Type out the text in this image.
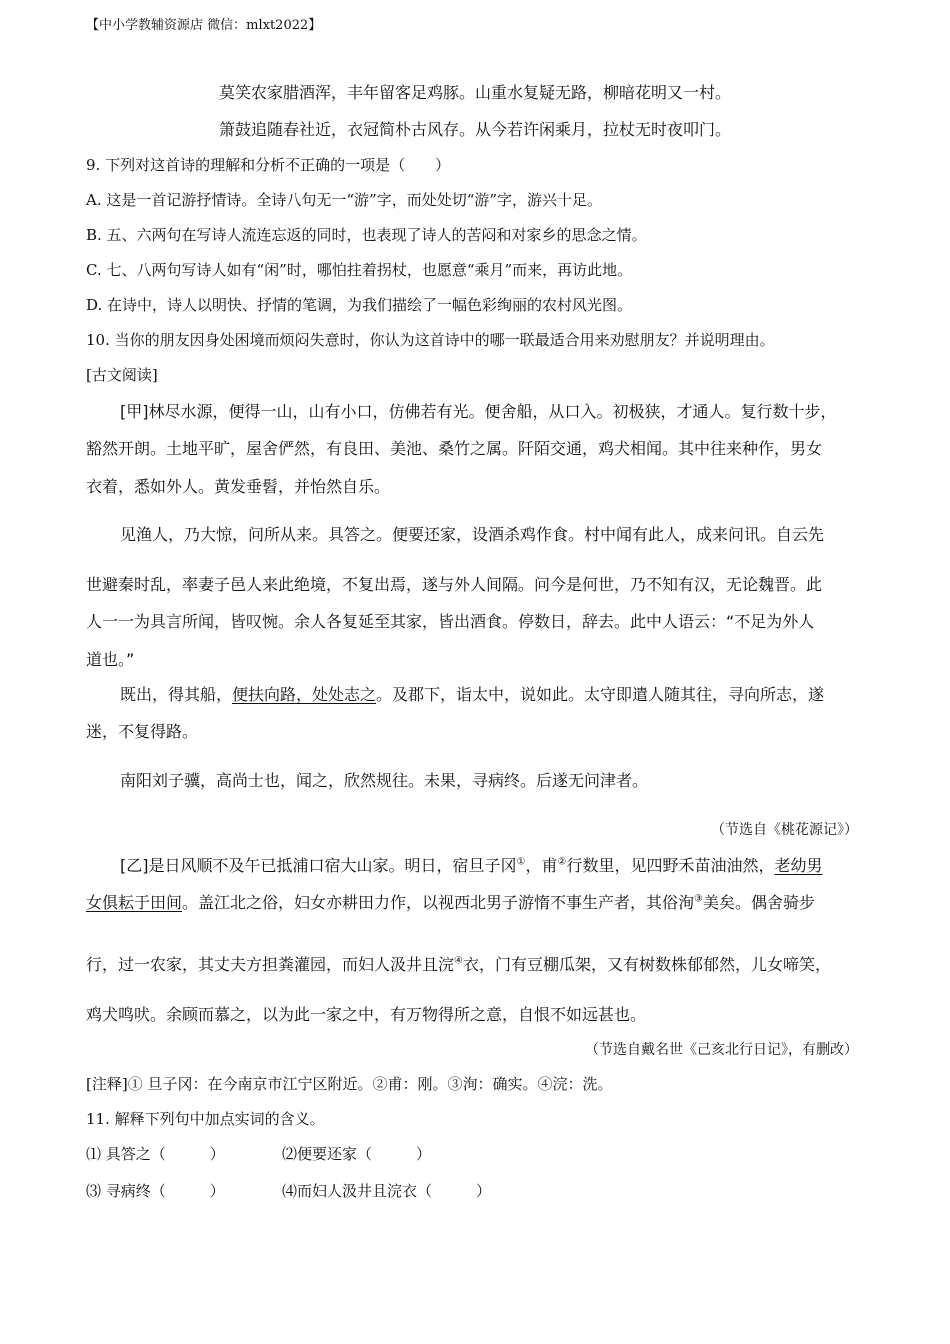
【中小学教辅资源店 微信：mlxt2022】
莫笑农家腊酒浑，丰年留客足鸡豚。山重水复疑无路，柳暗花明又一村。
箫鼓追随春社近，衣冠简朴古风存。从今若许闲乘月，拉杖无时夜叩门。
9. 下列对这首诗的理解和分析不正确的一项是（　　）
A. 这是一首记游抒情诗。全诗八句无一“游”字，而处处切“游”字，游兴十足。
B. 五、六两句在写诗人流连忘返的同时，也表现了诗人的苦闷和对家乡的思念之情。
C. 七、八两句写诗人如有“闲”时，哪怕拄着拐杖，也愿意“乘月”而来，再访此地。
D. 在诗中，诗人以明快、抒情的笔调，为我们描绘了一幅色彩绚丽的农村风光图。
10. 当你的朋友因身处困境而烦闷失意时，你认为这首诗中的哪一联最适合用来劝慰朋友？并说明理由。
[古文阅读]
[甲]林尽水源，便得一山，山有小口，仿佛若有光。便舍船，从口入。初极狭，才通人。复行数十步，
豁然开朗。土地平旷，屋舍俨然，有良田、美池、桑竹之属。阡陌交通，鸡犬相闻。其中往来种作，男女
衣着，悉如外人。黄发垂髫，并怡然自乐。
见渔人，乃大惊，问所从来。具答之。便要还家，设酒杀鸡作食。村中闻有此人，成来问讯。自云先
世避秦时乱，率妻子邑人来此绝境，不复出焉，遂与外人间隔。问今是何世，乃不知有汉，无论魏晋。此
人一一为具言所闻，皆叹惋。余人各复延至其家，皆出酒食。停数日，辞去。此中人语云：“不足为外人
道也。”
既出，得其船，便扶向路，处处志之。及郡下，诣太中，说如此。太守即遣人随其往，寻向所志，遂
迷，不复得路。
南阳刘子骥，高尚士也，闻之，欣然规往。未果，寻病终。后遂无问津者。
（节选自《桃花源记》）
[乙]是日风顺不及午已抵浦口宿大山家。明日，宿旦子冈①，甫②行数里，见四野禾苗油油然，老幼男
女俱耘于田间。盖江北之俗，妇女亦耕田力作，以视西北男子游惰不事生产者，其俗洵③美矣。偶舍骑步
行，过一农家，其丈夫方担粪灌园，而妇人汲井且浣④衣，门有豆棚瓜架，又有树数株郁郁然，儿女啼笑，
鸡犬鸣吠。余顾而慕之，以为此一家之中，有万物得所之意，自恨不如远甚也。
（节选自戴名世《己亥北行日记》，有删改）
[注释]① 旦子冈：在今南京市江宁区附近。②甫：刚。③洵：确实。④浣：洗。
11. 解释下列句中加点实词的含义。
⑴ 具答之（	）	⑵便要还家（	）
⑶ 寻病终（	）	⑷而妇人汲井且浣衣（	）
